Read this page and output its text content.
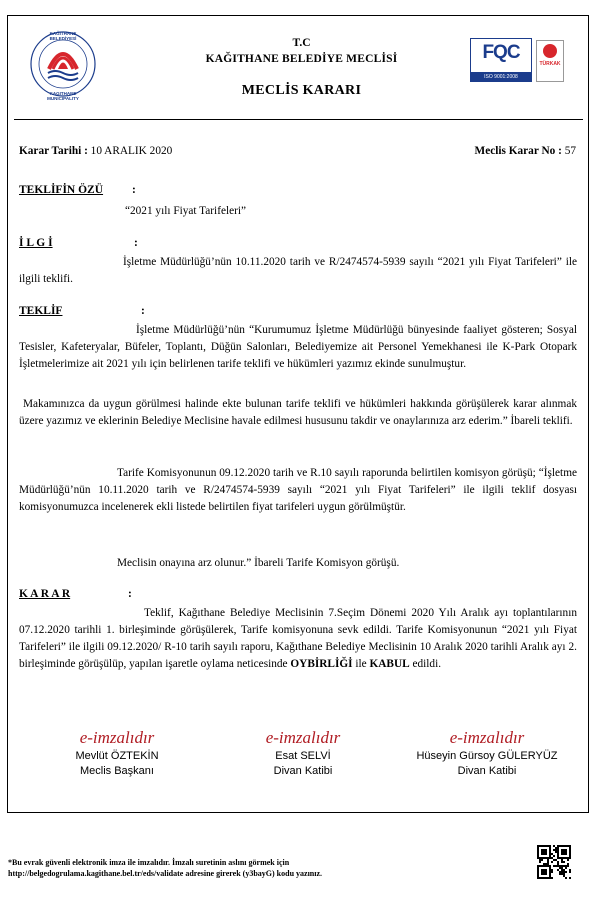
KAĞITHANE BELEDİYESİ
KAGITHANE MUNICIPALITY
T.C
KAĞITHANE BELEDİYE MECLİSİ
MECLİS KARARI
FQC
ISO 9001:2008
TÜRKAK
Karar Tarihi : 10 ARALIK 2020	Meclis Karar No : 57
TEKLİFİN ÖZÜ	:
“2021 yılı Fiyat Tarifeleri”
İ L G İ	:
İşletme Müdürlüğü’nün 10.11.2020 tarih ve R/2474574-5939 sayılı “2021 yılı Fiyat Tarifeleri” ile ilgili teklifi.
TEKLİF	:
İşletme Müdürlüğü’nün “Kurumumuz İşletme Müdürlüğü bünyesinde faaliyet gösteren; Sosyal Tesisler, Kafeteryalar, Büfeler, Toplantı, Düğün Salonları, Belediyemize ait Personel Yemekhanesi ile K-Park Otopark İşletmelerimize ait 2021 yılı için belirlenen tarife teklifi ve hükümleri yazımız ekinde sunulmuştur.
Makamınızca da uygun görülmesi halinde ekte bulunan tarife teklifi ve hükümleri hakkında görüşülerek karar alınmak üzere yazımız ve eklerinin Belediye Meclisine havale edilmesi hususunu takdir ve onaylarınıza arz ederim.” İbareli teklifi.
Tarife Komisyonunun 09.12.2020 tarih ve R.10 sayılı raporunda belirtilen komisyon görüşü; “İşletme Müdürlüğü’nün 10.11.2020 tarih ve R/2474574-5939 sayılı “2021 yılı Fiyat Tarifeleri” ile ilgili teklif dosyası komisyonumuzca incelenerek ekli listede belirtilen fiyat tarifeleri uygun görülmüştür.
Meclisin onayına arz olunur.” İbareli Tarife Komisyon görüşü.
K A R A R	:
Teklif, Kağıthane Belediye Meclisinin 7.Seçim Dönemi 2020 Yılı Aralık ayı toplantılarının 07.12.2020 tarihli 1. birleşiminde görüşülerek, Tarife komisyonuna sevk edildi. Tarife Komisyonunun “2021 yılı Fiyat Tarifeleri” ile ilgili 09.12.2020/ R-10 tarih sayılı raporu, Kağıthane Belediye Meclisinin 10 Aralık 2020 tarihli Aralık ayı 2. birleşiminde görüşülüp, yapılan işaretle oylama neticesinde OYBİRLİĞİ ile KABUL edildi.
e-imzalıdır
Mevlüt ÖZTEKİN
Meclis Başkanı
e-imzalıdır
Esat SELVİ
Divan Katibi
e-imzalıdır
Hüseyin Gürsoy GÜLERYÜZ
Divan Katibi
*Bu evrak güvenli elektronik imza ile imzalıdır. İmzalı suretinin aslını görmek için
http://belgedogrulama.kagithane.bel.tr/eds/validate adresine girerek (y3bayG) kodu yazınız.
